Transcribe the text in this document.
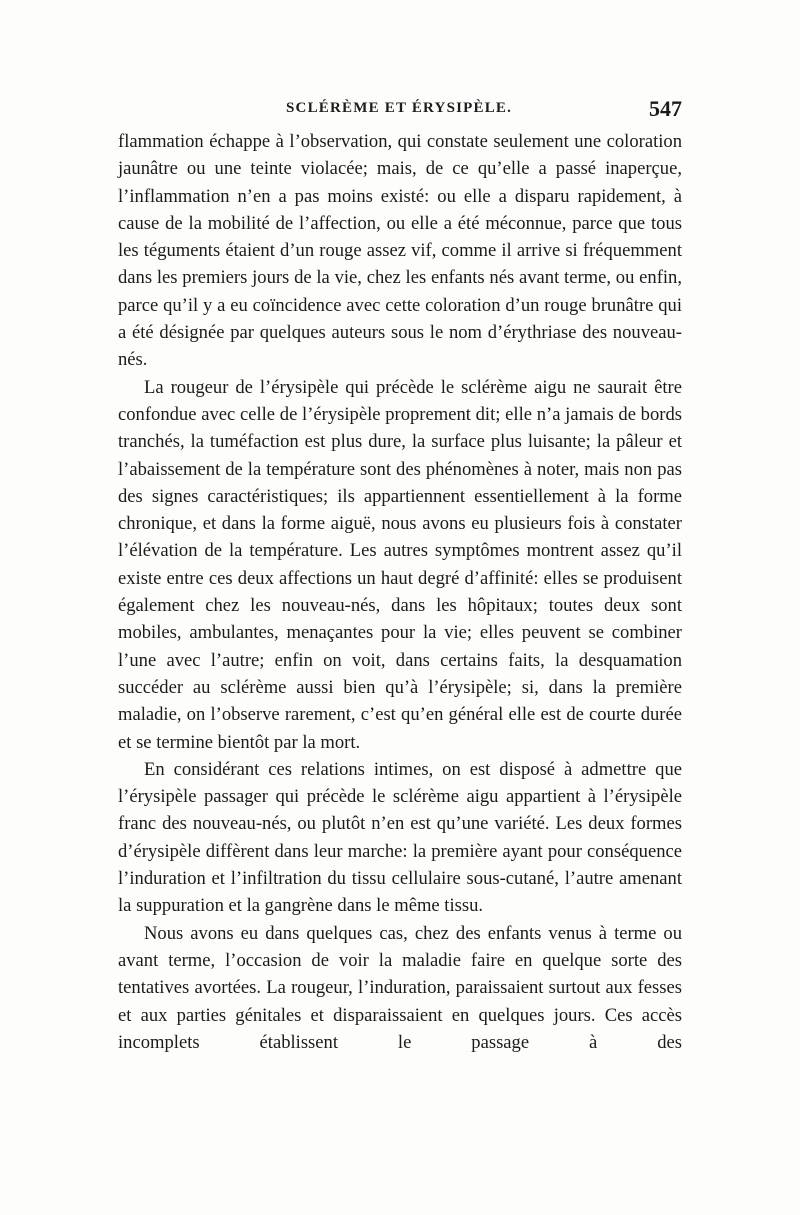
SCLÉRÈME ET ÉRYSIPÈLE.	547

flammation échappe à l’observation, qui constate seulement une coloration jaunâtre ou une teinte violacée; mais, de ce qu’elle a passé inaperçue, l’inflammation n’en a pas moins existé: ou elle a disparu rapidement, à cause de la mobilité de l’affection, ou elle a été méconnue, parce que tous les téguments étaient d’un rouge assez vif, comme il arrive si fréquemment dans les premiers jours de la vie, chez les enfants nés avant terme, ou enfin, parce qu’il y a eu coïncidence avec cette coloration d’un rouge brunâtre qui a été désignée par quelques auteurs sous le nom d’érythriase des nouveau-nés.

La rougeur de l’érysipèle qui précède le sclérème aigu ne saurait être confondue avec celle de l’érysipèle proprement dit; elle n’a jamais de bords tranchés, la tuméfaction est plus dure, la surface plus luisante; la pâleur et l’abaissement de la température sont des phénomènes à noter, mais non pas des signes caractéristiques; ils appartiennent essentiellement à la forme chronique, et dans la forme aiguë, nous avons eu plusieurs fois à constater l’élévation de la température. Les autres symptômes montrent assez qu’il existe entre ces deux affections un haut degré d’affinité: elles se produisent également chez les nouveau-nés, dans les hôpitaux; toutes deux sont mobiles, ambulantes, menaçantes pour la vie; elles peuvent se combiner l’une avec l’autre; enfin on voit, dans certains faits, la desquamation succéder au sclérème aussi bien qu’à l’érysipèle; si, dans la première maladie, on l’observe rarement, c’est qu’en général elle est de courte durée et se termine bientôt par la mort.

En considérant ces relations intimes, on est disposé à admettre que l’érysipèle passager qui précède le sclérème aigu appartient à l’érysipèle franc des nouveau-nés, ou plutôt n’en est qu’une variété. Les deux formes d’érysipèle diffèrent dans leur marche: la première ayant pour conséquence l’induration et l’infiltration du tissu cellulaire sous-cutané, l’autre amenant la suppuration et la gangrène dans le même tissu.

Nous avons eu dans quelques cas, chez des enfants venus à terme ou avant terme, l’occasion de voir la maladie faire en quelque sorte des tentatives avortées. La rougeur, l’induration, paraissaient surtout aux fesses et aux parties génitales et disparaissaient en quelques jours. Ces accès incomplets établissent le passage à des
